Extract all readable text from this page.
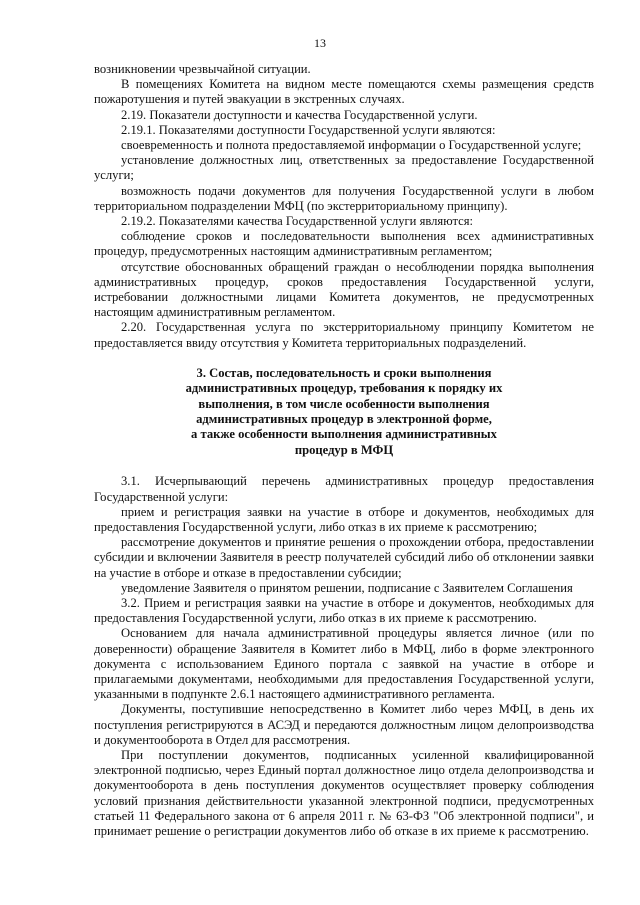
13

возникновении чрезвычайной ситуации.

В помещениях Комитета на видном месте помещаются схемы размещения средств пожаротушения и путей эвакуации в экстренных случаях.

2.19. Показатели доступности и качества Государственной услуги.

2.19.1. Показателями доступности Государственной услуги являются:

своевременность и полнота предоставляемой информации о Государственной услуге;

установление должностных лиц, ответственных за предоставление Государственной услуги;

возможность подачи документов для получения Государственной услуги в любом территориальном подразделении МФЦ (по экстерриториальному принципу).

2.19.2. Показателями качества Государственной услуги являются:

соблюдение сроков и последовательности выполнения всех административных процедур, предусмотренных настоящим административным регламентом;

отсутствие обоснованных обращений граждан о несоблюдении порядка выполнения административных процедур, сроков предоставления Государственной услуги, истребовании должностными лицами Комитета документов, не предусмотренных настоящим административным регламентом.

2.20. Государственная услуга по экстерриториальному принципу Комитетом не предоставляется ввиду отсутствия у Комитета территориальных подразделений.

3. Состав, последовательность и сроки выполнения
административных процедур, требования к порядку их
выполнения, в том числе особенности выполнения
административных процедур в электронной форме,
а также особенности выполнения административных
процедур в МФЦ

3.1. Исчерпывающий перечень административных процедур предоставления Государственной услуги:

прием и регистрация заявки на участие в отборе и документов, необходимых для предоставления Государственной услуги, либо отказ в их приеме к рассмотрению;

рассмотрение документов и принятие решения о прохождении отбора, предоставлении субсидии и включении Заявителя в реестр получателей субсидий либо об отклонении заявки на участие в отборе и отказе в предоставлении субсидии;

уведомление Заявителя о принятом решении, подписание с Заявителем Соглашения

3.2. Прием и регистрация заявки на участие в отборе и документов, необходимых для предоставления Государственной услуги, либо отказ в их приеме к рассмотрению.

Основанием для начала административной процедуры является личное (или по доверенности) обращение Заявителя в Комитет либо в МФЦ, либо в форме электронного документа с использованием Единого портала с заявкой на участие в отборе и прилагаемыми документами, необходимыми для предоставления Государственной услуги, указанными в подпункте 2.6.1 настоящего административного регламента.

Документы, поступившие непосредственно в Комитет либо через МФЦ, в день их поступления регистрируются в АСЭД и передаются должностным лицом делопроизводства и документооборота в Отдел для рассмотрения.

При поступлении документов, подписанных усиленной квалифицированной электронной подписью, через Единый портал должностное лицо отдела делопроизводства и документооборота в день поступления документов осуществляет проверку соблюдения условий признания действительности указанной электронной подписи, предусмотренных статьей 11 Федерального закона от 6 апреля 2011 г. № 63-ФЗ "Об электронной подписи", и принимает решение о регистрации документов либо об отказе в их приеме к рассмотрению.
